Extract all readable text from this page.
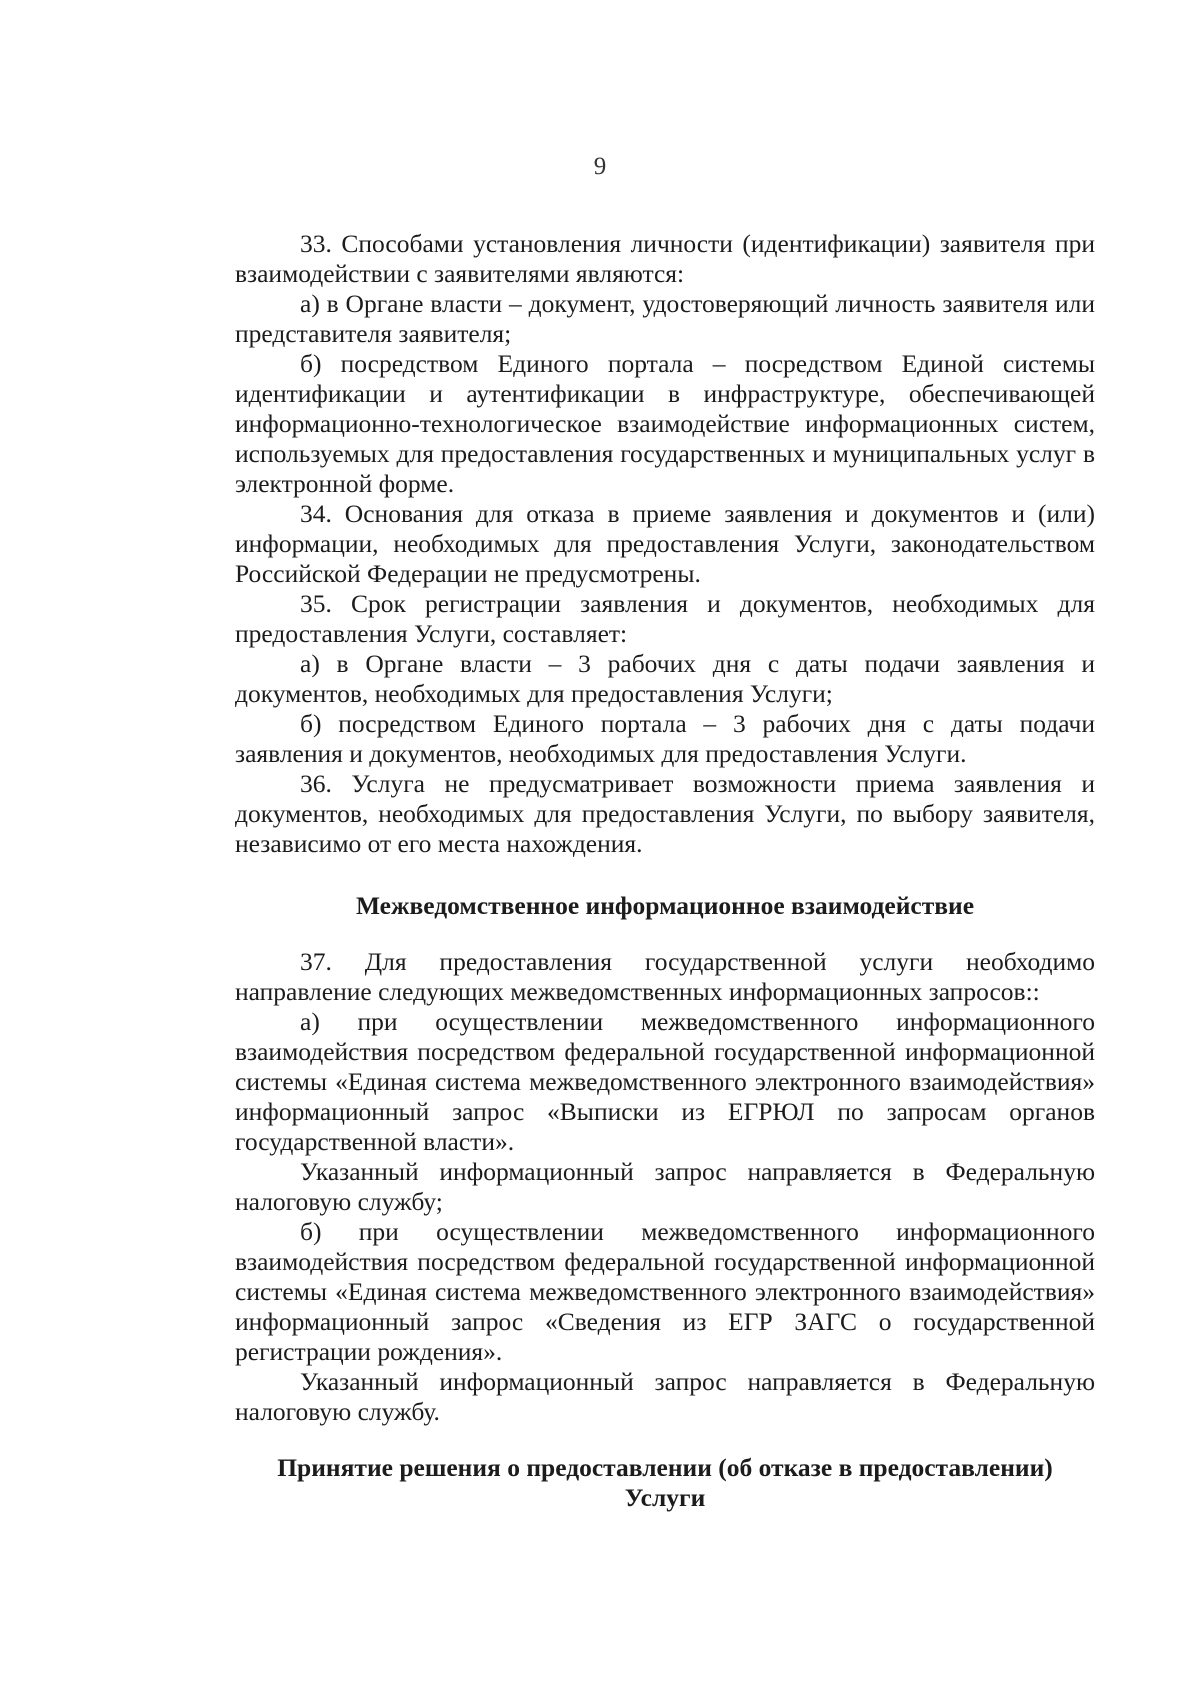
9

33. Способами установления личности (идентификации) заявителя при взаимодействии с заявителями являются:

а) в Органе власти – документ, удостоверяющий личность заявителя или представителя заявителя;

б) посредством Единого портала – посредством Единой системы идентификации и аутентификации в инфраструктуре, обеспечивающей информационно-технологическое взаимодействие информационных систем, используемых для предоставления государственных и муниципальных услуг в электронной форме.

34. Основания для отказа в приеме заявления и документов и (или) информации, необходимых для предоставления Услуги, законодательством Российской Федерации не предусмотрены.

35. Срок регистрации заявления и документов, необходимых для предоставления Услуги, составляет:

а) в Органе власти – 3 рабочих дня с даты подачи заявления и документов, необходимых для предоставления Услуги;

б) посредством Единого портала – 3 рабочих дня с даты подачи заявления и документов, необходимых для предоставления Услуги.

36. Услуга не предусматривает возможности приема заявления и документов, необходимых для предоставления Услуги, по выбору заявителя, независимо от его места нахождения.

Межведомственное информационное взаимодействие

37. Для предоставления государственной услуги необходимо направление следующих межведомственных информационных запросов::

а) при осуществлении межведомственного информационного взаимодействия посредством федеральной государственной информационной системы «Единая система межведомственного электронного взаимодействия» информационный запрос «Выписки из ЕГРЮЛ по запросам органов государственной власти».

Указанный информационный запрос направляется в Федеральную налоговую службу;

б) при осуществлении межведомственного информационного взаимодействия посредством федеральной государственной информационной системы «Единая система межведомственного электронного взаимодействия» информационный запрос «Сведения из ЕГР ЗАГС о государственной регистрации рождения».

Указанный информационный запрос направляется в Федеральную налоговую службу.

Принятие решения о предоставлении (об отказе в предоставлении)

Услуги
